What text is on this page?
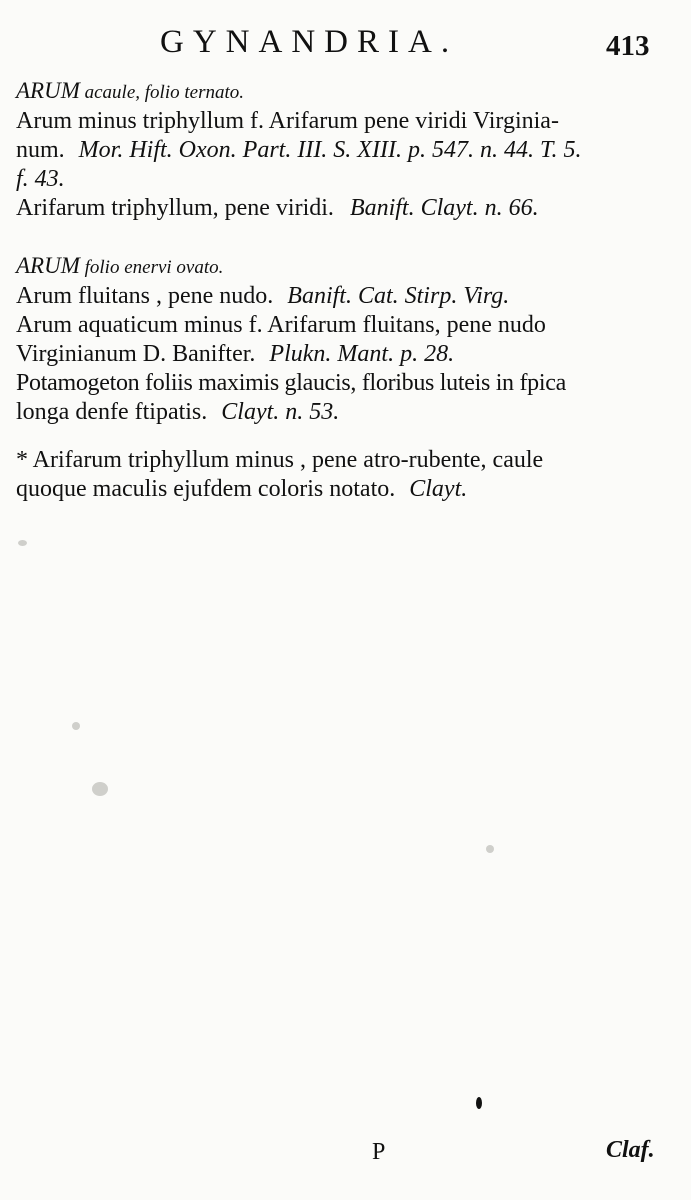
GYNANDRIA.	413
ARUM acaule, folio ternato.
Arum minus triphyllum f. Arifarum pene viridi Virginia-
num. Mor. Hift. Oxon. Part. III. S. XIII. p. 547. n. 44. T. 5.
f. 43.
Arifarum triphyllum, pene viridi. Banift. Clayt. n. 66.
ARUM folio enervi ovato.
Arum fluitans , pene nudo. Banift. Cat. Stirp. Virg.
Arum aquaticum minus f. Arifarum fluitans, pene nudo
Virginianum D. Banifter. Plukn. Mant. p. 28.
Potamogeton foliis maximis glaucis, floribus luteis in fpica
longa denfe ftipatis. Clayt. n. 53.
* Arifarum triphyllum minus , pene atro-rubente, caule
quoque maculis ejufdem coloris notato. Clayt.
P	Claf.
